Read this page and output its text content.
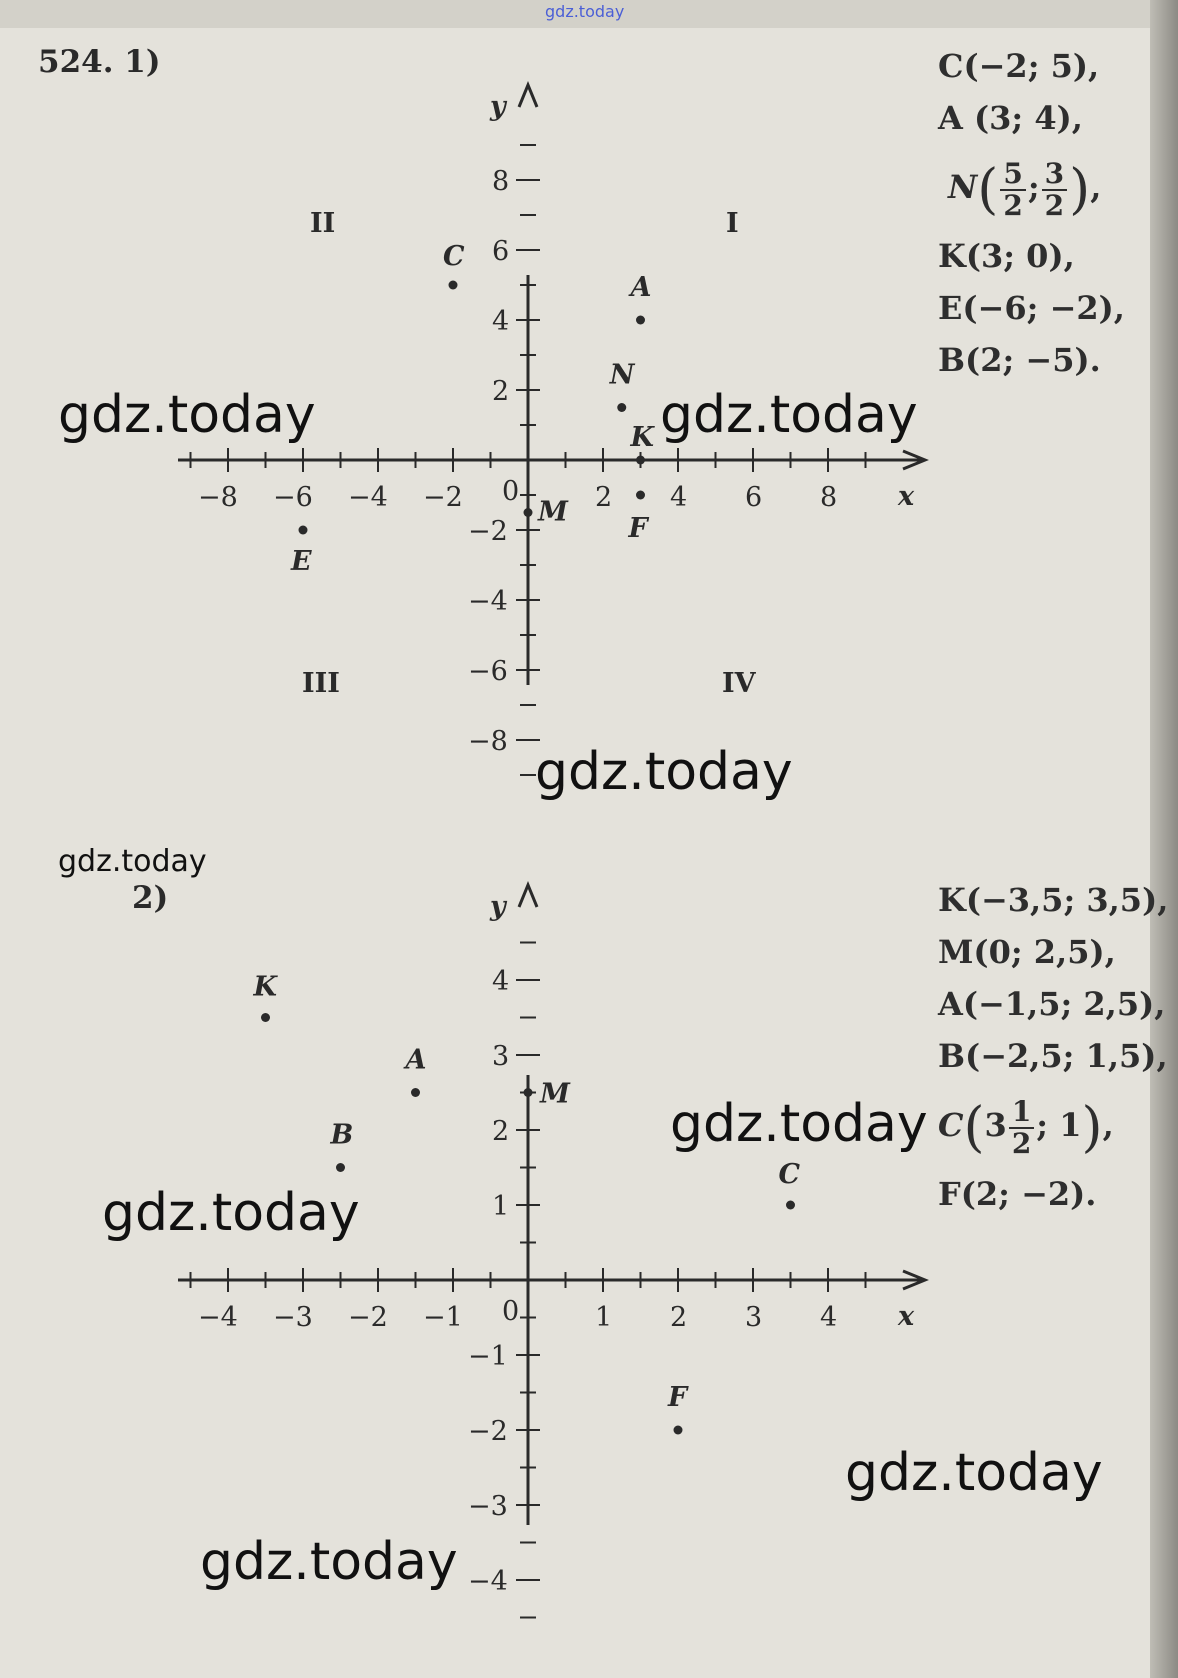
gdz.today
524. 1)
2)
−8 −6 −4 −2	2 4 6 8
8
6
4
2
−2
−4
−6
−8
0	x
y
C
A
N
K
E
F
M
−4 −3 −2 −1	1 2 3 4
4
3
2
1
−1
−2
−3
−4
0	x
y
K
M
A
B
C
F
I
II
III	IV
C(−2; 5),
A (3; 4),
$N( \frac{5}{2}$ ; $\frac{3}{2}$ ),
K(3; 0),
E(−6; −2),
B(2; −5).
K(−3,5; 3,5),
M(0; 2,5),
A(−1,5; 2,5),
B(−2,5; 1,5),
$C(3 \frac{1}{2}$ ; 1),
F(2; −2).
gdz.today	gdz.today
gdz.today
gdz.today
gdz.today
gdz.today
gdz.today
gdz.today
